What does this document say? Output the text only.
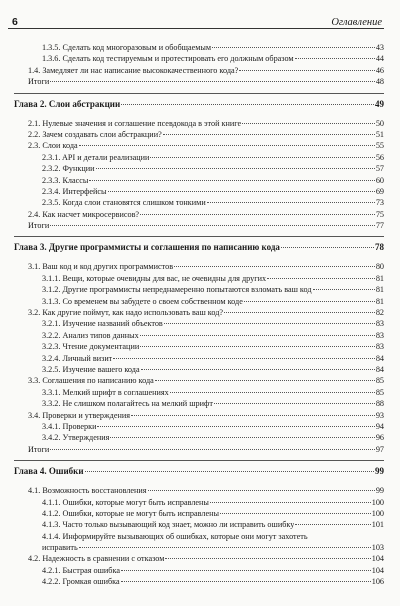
6	Оглавление
1.3.5. Сделать код многоразовым и обобщаемым	43
1.3.6. Сделать код тестируемым и протестировать его должным образом	44
1.4. Замедляет ли нас написание высококачественного кода?	46
Итоги	48
Глава 2. Слои абстракции	49
2.1. Нулевые значения и соглашение псевдокода в этой книге	50
2.2. Зачем создавать слои абстракции?	51
2.3. Слои кода	55
2.3.1. API и детали реализации	56
2.3.2. Функции	57
2.3.3. Классы	60
2.3.4. Интерфейсы	69
2.3.5. Когда слои становятся слишком тонкими	73
2.4. Как насчет микросервисов?	75
Итоги	77
Глава 3. Другие программисты и соглашения по написанию кода	78
3.1. Ваш код и код других программистов	80
3.1.1. Вещи, которые очевидны для вас, не очевидны для других	81
3.1.2. Другие программисты непреднамеренно попытаются взломать ваш код	81
3.1.3. Со временем вы забудете о своем собственном коде	81
3.2. Как другие поймут, как надо использовать ваш код?	82
3.2.1. Изучение названий объектов	83
3.2.2. Анализ типов данных	83
3.2.3. Чтение документации	83
3.2.4. Личный визит	84
3.2.5. Изучение вашего кода	84
3.3. Соглашения по написанию кода	85
3.3.1. Мелкий шрифт в соглашениях	85
3.3.2. Не слишком полагайтесь на мелкий шрифт	88
3.4. Проверки и утверждения	93
3.4.1. Проверки	94
3.4.2. Утверждения	96
Итоги	97
Глава 4. Ошибки	99
4.1. Возможность восстановления	99
4.1.1. Ошибки, которые могут быть исправлены	100
4.1.2. Ошибки, которые не могут быть исправлены	100
4.1.3. Часто только вызывающий код знает, можно ли исправить ошибку	101
4.1.4. Информируйте вызывающих об ошибках, которые они могут захотеть
исправить	103
4.2. Надежность в сравнении с отказом	104
4.2.1. Быстрая ошибка	104
4.2.2. Громкая ошибка	106
